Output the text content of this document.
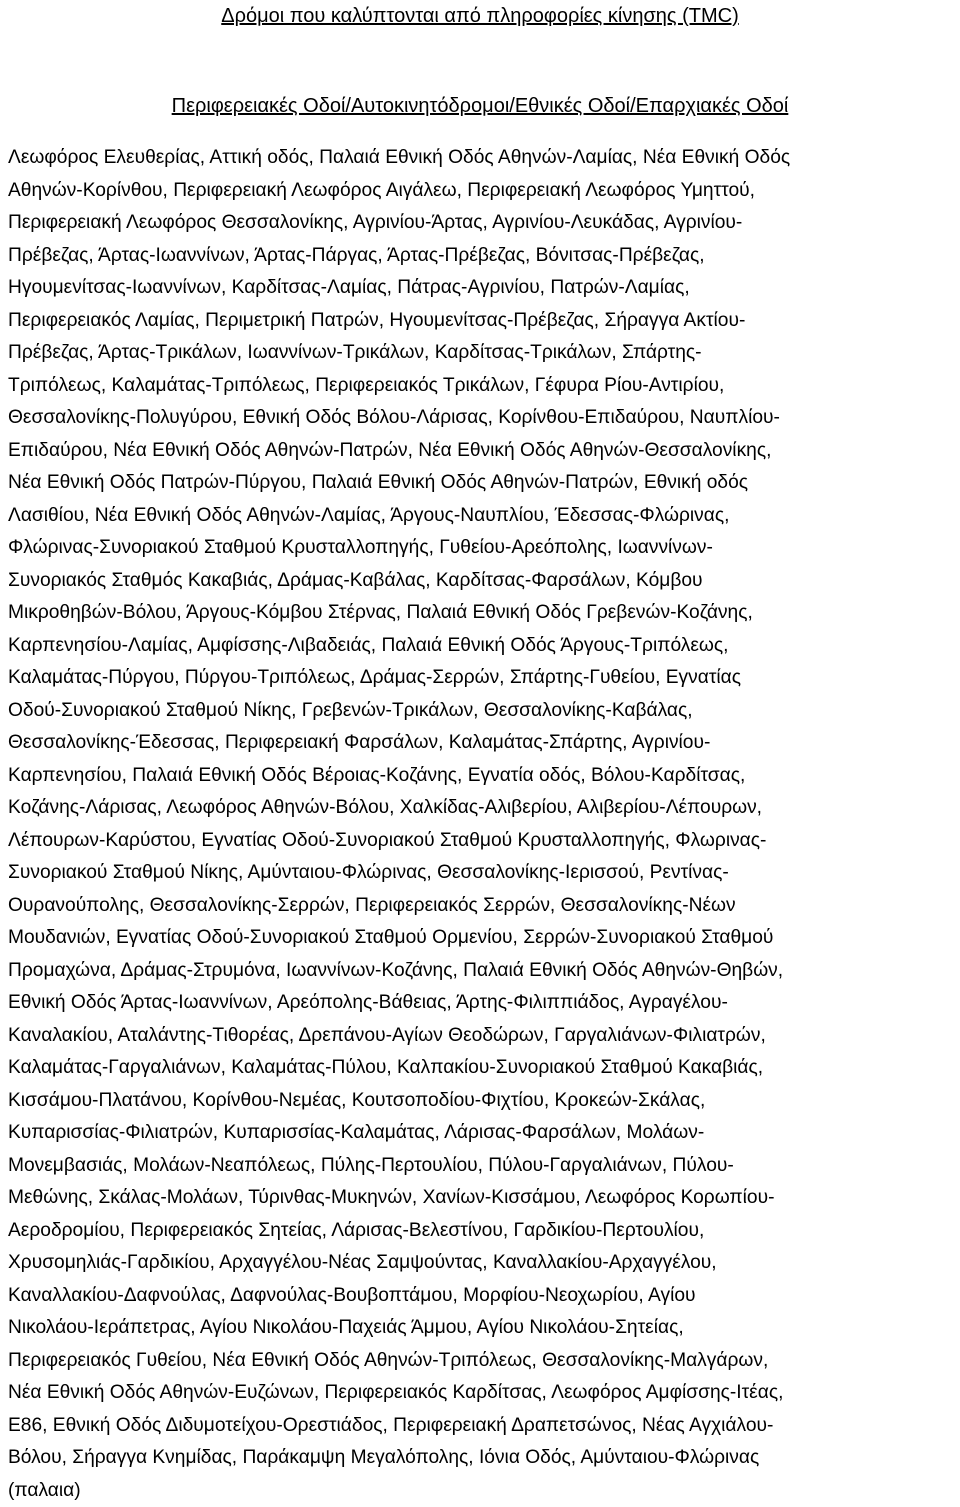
Δρόμοι που καλύπτονται από πληροφορίες κίνησης (TMC)
Περιφερειακές Οδοί/Αυτοκινητόδρομοι/Εθνικές Οδοί/Επαρχιακές Οδοί

Λεωφόρος Ελευθερίας, Αττική οδός, Παλαιά Εθνική Οδός Αθηνών-Λαμίας, Νέα Εθνική Οδός
Αθηνών-Κορίνθου, Περιφερειακή Λεωφόρος Αιγάλεω, Περιφερειακή Λεωφόρος Υμηττού,
Περιφερειακή Λεωφόρος Θεσσαλονίκης, Αγρινίου-Άρτας, Αγρινίου-Λευκάδας, Αγρινίου-
Πρέβεζας, Άρτας-Ιωαννίνων, Άρτας-Πάργας, Άρτας-Πρέβεζας, Βόνιτσας-Πρέβεζας,
Ηγουμενίτσας-Ιωαννίνων, Καρδίτσας-Λαμίας, Πάτρας-Αγρινίου, Πατρών-Λαμίας,
Περιφερειακός Λαμίας, Περιμετρική Πατρών, Ηγουμενίτσας-Πρέβεζας, Σήραγγα Ακτίου-
Πρέβεζας, Άρτας-Τρικάλων, Ιωαννίνων-Τρικάλων, Καρδίτσας-Τρικάλων, Σπάρτης-
Τριπόλεως, Καλαμάτας-Τριπόλεως, Περιφερειακός Τρικάλων, Γέφυρα Ρίου-Αντιρίου,
Θεσσαλονίκης-Πολυγύρου, Εθνική Οδός Βόλου-Λάρισας, Κορίνθου-Επιδαύρου, Ναυπλίου-
Επιδαύρου, Νέα Εθνική Οδός Αθηνών-Πατρών, Νέα Εθνική Οδός Αθηνών-Θεσσαλονίκης,
Νέα Εθνική Οδός Πατρών-Πύργου, Παλαιά Εθνική Οδός Αθηνών-Πατρών, Εθνική οδός
Λασιθίου, Νέα Εθνική Οδός Αθηνών-Λαμίας, Άργους-Ναυπλίου, Έδεσσας-Φλώρινας,
Φλώρινας-Συνοριακού Σταθμού Κρυσταλλοπηγής, Γυθείου-Αρεόπολης, Ιωαννίνων-
Συνοριακός Σταθμός Κακαβιάς, Δράμας-Καβάλας, Καρδίτσας-Φαρσάλων, Κόμβου
Μικροθηβών-Βόλου, Άργους-Κόμβου Στέρνας, Παλαιά Εθνική Οδός Γρεβενών-Κοζάνης,
Καρπενησίου-Λαμίας, Αμφίσσης-Λιβαδειάς, Παλαιά Εθνική Οδός Άργους-Τριπόλεως,
Καλαμάτας-Πύργου, Πύργου-Τριπόλεως, Δράμας-Σερρών, Σπάρτης-Γυθείου, Εγνατίας
Οδού-Συνοριακού Σταθμού Νίκης, Γρεβενών-Τρικάλων, Θεσσαλονίκης-Καβάλας,
Θεσσαλονίκης-Έδεσσας, Περιφερειακή Φαρσάλων, Καλαμάτας-Σπάρτης, Αγρινίου-
Καρπενησίου, Παλαιά Εθνική Οδός Βέροιας-Κοζάνης, Εγνατία οδός, Βόλου-Καρδίτσας,
Κοζάνης-Λάρισας, Λεωφόρος Αθηνών-Βόλου, Χαλκίδας-Αλιβερίου, Αλιβερίου-Λέπουρων,
Λέπουρων-Καρύστου, Εγνατίας Οδού-Συνοριακού Σταθμού Κρυσταλλοπηγής, Φλωρινας-
Συνοριακού Σταθμού Νίκης, Αμύνταιου-Φλώρινας, Θεσσαλονίκης-Ιερισσού, Ρεντίνας-
Ουρανούπολης, Θεσσαλονίκης-Σερρών, Περιφερειακός Σερρών, Θεσσαλονίκης-Νέων
Μουδανιών, Εγνατίας Οδού-Συνοριακού Σταθμού Ορμενίου, Σερρών-Συνοριακού Σταθμού
Προμαχώνα, Δράμας-Στρυμόνα, Ιωαννίνων-Κοζάνης, Παλαιά Εθνική Οδός Αθηνών-Θηβών,
Εθνική Οδός Άρτας-Ιωαννίνων, Αρεόπολης-Βάθειας, Άρτης-Φιλιππιάδος, Αγραγέλου-
Καναλακίου, Αταλάντης-Τιθορέας, Δρεπάνου-Αγίων Θεοδώρων, Γαργαλιάνων-Φιλιατρών,
Καλαμάτας-Γαργαλιάνων, Καλαμάτας-Πύλου, Καλπακίου-Συνοριακού Σταθμού Κακαβιάς,
Κισσάμου-Πλατάνου, Κορίνθου-Νεμέας, Κουτσοποδίου-Φιχτίου, Κροκεών-Σκάλας,
Κυπαρισσίας-Φιλιατρών, Κυπαρισσίας-Καλαμάτας, Λάρισας-Φαρσάλων, Μολάων-
Μονεμβασιάς, Μολάων-Νεαπόλεως, Πύλης-Περτουλίου, Πύλου-Γαργαλιάνων, Πύλου-
Μεθώνης, Σκάλας-Μολάων, Τύρινθας-Μυκηνών, Χανίων-Κισσάμου, Λεωφόρος Κορωπίου-
Αεροδρομίου, Περιφερειακός Σητείας, Λάρισας-Βελεστίνου, Γαρδικίου-Περτουλίου,
Χρυσομηλιάς-Γαρδικίου, Αρχαγγέλου-Νέας Σαμψούντας, Καναλλακίου-Αρχαγγέλου,
Καναλλακίου-Δαφνούλας, Δαφνούλας-Βουβοπτάμου, Μορφίου-Νεοχωρίου, Αγίου
Νικολάου-Ιεράπετρας, Αγίου Νικολάου-Παχειάς Άμμου, Αγίου Νικολάου-Σητείας,
Περιφερειακός Γυθείου, Νέα Εθνική Οδός Αθηνών-Τριπόλεως, Θεσσαλονίκης-Μαλγάρων,
Νέα Εθνική Οδός Αθηνών-Ευζώνων, Περιφερειακός Καρδίτσας, Λεωφόρος Αμφίσσης-Ιτέας,
Ε86, Εθνική Οδός Διδυμοτείχου-Ορεστιάδος, Περιφερειακή Δραπετσώνος, Νέας Αγχιάλου-
Βόλου, Σήραγγα Κνημίδας, Παράκαμψη Μεγαλόπολης, Ιόνια Οδός, Αμύνταιου-Φλώρινας
(παλαια)
